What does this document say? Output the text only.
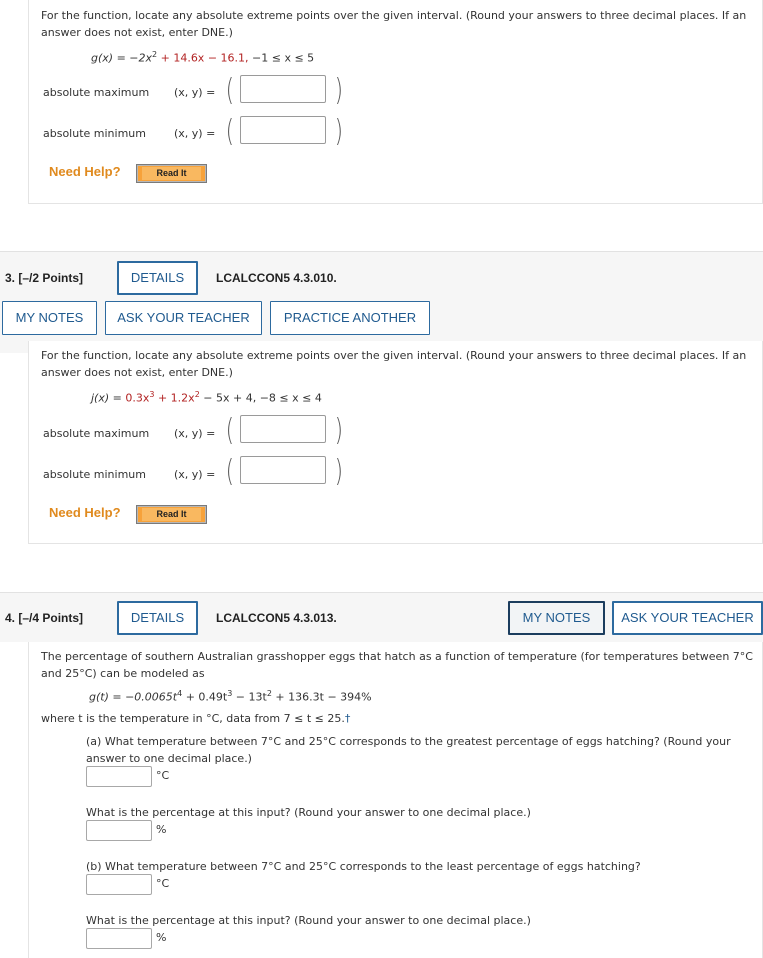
For the function, locate any absolute extreme points over the given interval. (Round your answers to three decimal places. If an answer does not exist, enter DNE.)
$g(x) = -2x^2 + 14.6x - 16.1$, −1 ≤ x ≤ 5
absolute maximum (x, y) = (	)
absolute minimum	(x, y) = (	)
Need Help?	Read It
3. [–/2 Points]	DETAILS	LCALCCON5 4.3.010.
MY NOTES	ASK YOUR TEACHER	PRACTICE ANOTHER
For the function, locate any absolute extreme points over the given interval. (Round your answers to three decimal places. If an answer does not exist, enter DNE.)
$j(x) = 0.3x^3 + 1.2x^2 - 5x + 4$, −8 ≤ x ≤ 4
absolute maximum (x, y) = (	)
absolute minimum	(x, y) = (	)
Need Help?	Read It
4. [–/4 Points]	DETAILS	LCALCCON5 4.3.013.	MY NOTES	ASK YOUR TEACHER
The percentage of southern Australian grasshopper eggs that hatch as a function of temperature (for temperatures between 7°C and 25°C) can be modeled as
$g(t) = -0.0065t^4 + 0.49t^3 - 13t^2 + 136.3t - 394\%$
where t is the temperature in °C, data from 7 ≤ t ≤ 25.†
(a) What temperature between 7°C and 25°C corresponds to the greatest percentage of eggs hatching? (Round your answer to one decimal place.)
°C
What is the percentage at this input? (Round your answer to one decimal place.)
%
(b) What temperature between 7°C and 25°C corresponds to the least percentage of eggs hatching?
°C
What is the percentage at this input? (Round your answer to one decimal place.)
%
